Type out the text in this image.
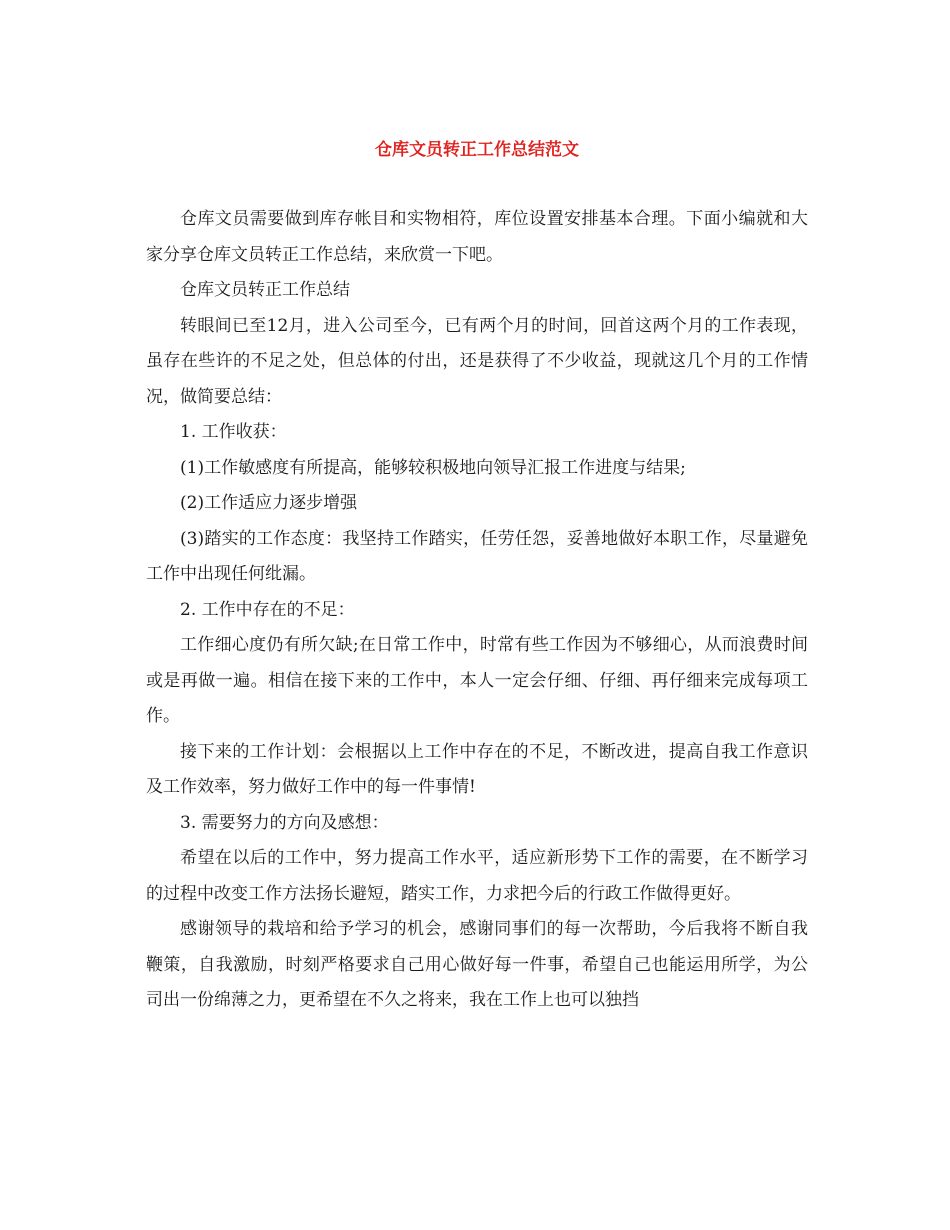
仓库文员转正工作总结范文

仓库文员需要做到库存帐目和实物相符，库位设置安排基本合理。下面小编就和大家分享仓库文员转正工作总结，来欣赏一下吧。

仓库文员转正工作总结

转眼间已至12月，进入公司至今，已有两个月的时间，回首这两个月的工作表现，虽存在些许的不足之处，但总体的付出，还是获得了不少收益，现就这几个月的工作情况，做简要总结：

1. 工作收获：

(1)工作敏感度有所提高，能够较积极地向领导汇报工作进度与结果;

(2)工作适应力逐步增强

(3)踏实的工作态度：我坚持工作踏实，任劳任怨，妥善地做好本职工作，尽量避免工作中出现任何纰漏。

2. 工作中存在的不足：

工作细心度仍有所欠缺;在日常工作中，时常有些工作因为不够细心，从而浪费时间或是再做一遍。相信在接下来的工作中，本人一定会仔细、仔细、再仔细来完成每项工作。

接下来的工作计划：会根据以上工作中存在的不足，不断改进，提高自我工作意识及工作效率，努力做好工作中的每一件事情!

3. 需要努力的方向及感想：

希望在以后的工作中，努力提高工作水平，适应新形势下工作的需要，在不断学习的过程中改变工作方法扬长避短，踏实工作，力求把今后的行政工作做得更好。

感谢领导的栽培和给予学习的机会，感谢同事们的每一次帮助，今后我将不断自我鞭策，自我激励，时刻严格要求自己用心做好每一件事，希望自己也能运用所学，为公司出一份绵薄之力，更希望在不久之将来，我在工作上也可以独挡
